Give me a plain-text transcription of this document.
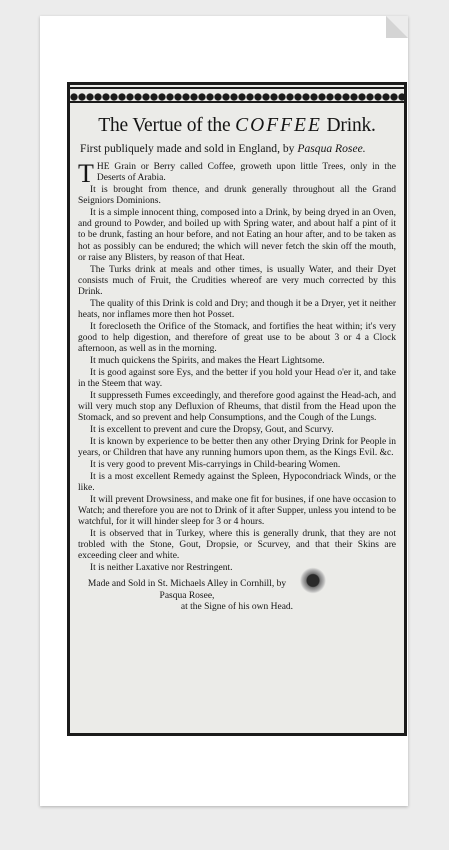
The Vertue of the COFFEE Drink.
First publiquely made and sold in England, by Pasqua Rosee.

THE Grain or Berry called Coffee, groweth upon little Trees, only in the Deserts of Arabia.

It is brought from thence, and drunk generally throughout all the Grand Seigniors Dominions.

It is a simple innocent thing, composed into a Drink, by being dryed in an Oven, and ground to Powder, and boiled up with Spring water, and about half a pint of it to be drunk, fasting an hour before, and not Eating an hour after, and to be taken as hot as possibly can be endured; the which will never fetch the skin off the mouth, or raise any Blisters, by reason of that Heat.

The Turks drink at meals and other times, is usually Water, and their Dyet consists much of Fruit, the Crudities whereof are very much corrected by this Drink.

The quality of this Drink is cold and Dry; and though it be a Dryer, yet it neither heats, nor inflames more then hot Posset.

It forecloseth the Orifice of the Stomack, and fortifies the heat within; it's very good to help digestion, and therefore of great use to be about 3 or 4 a Clock afternoon, as well as in the morning.

It much quickens the Spirits, and makes the Heart Lightsome.

It is good against sore Eys, and the better if you hold your Head o'er it, and take in the Steem that way.

It suppresseth Fumes exceedingly, and therefore good against the Head-ach, and will very much stop any Defluxion of Rheums, that distil from the Head upon the Stomack, and so prevent and help Consumptions, and the Cough of the Lungs.

It is excellent to prevent and cure the Dropsy, Gout, and Scurvy.

It is known by experience to be better then any other Drying Drink for People in years, or Children that have any running humors upon them, as the Kings Evil. &c.

It is very good to prevent Mis-carryings in Child-bearing Women.

It is a most excellent Remedy against the Spleen, Hypocondriack Winds, or the like.

It will prevent Drowsiness, and make one fit for busines, if one have occasion to Watch; and therefore you are not to Drink of it after Supper, unless you intend to be watchful, for it will hinder sleep for 3 or 4 hours.

It is observed that in Turkey, where this is generally drunk, that they are not trobled with the Stone, Gout, Dropsie, or Scurvey, and that their Skins are exceeding cleer and white.

It is neither Laxative nor Restringent.

Made and Sold in St. Michaels Alley in Cornhill, by Pasqua Rosee,
at the Signe of his own Head.
